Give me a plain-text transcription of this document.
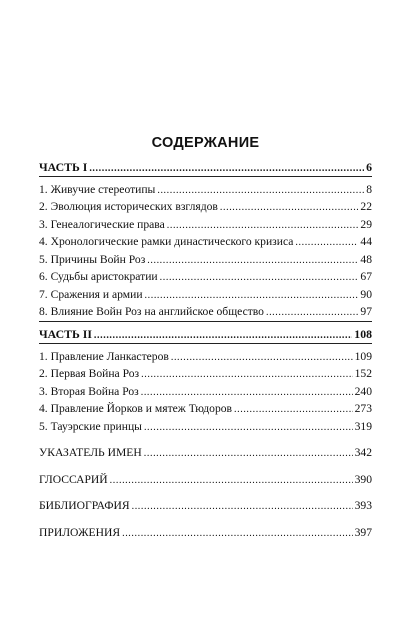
СОДЕРЖАНИЕ
ЧАСТЬ I .....	6
1. Живучие стереотипы .....	8
2. Эволюция исторических взглядов .....	22
3. Генеалогические права .....	29
4. Хронологические рамки династического кризиса .....	44
5. Причины Войн Роз .....	48
6. Судьбы аристократии .....	67
7. Сражения и армии .....	90
8. Влияние Войн Роз на английское общество .....	97
ЧАСТЬ II .....	108
1. Правление Ланкастеров .....	109
2. Первая Война Роз .....	152
3. Вторая Война Роз .....	240
4. Правление Йорков и мятеж Тюдоров .....	273
5. Тауэрские принцы .....	319
УКАЗАТЕЛЬ ИМЕН .....	342
ГЛОССАРИЙ .....	390
БИБЛИОГРАФИЯ .....	393
ПРИЛОЖЕНИЯ .....	397
